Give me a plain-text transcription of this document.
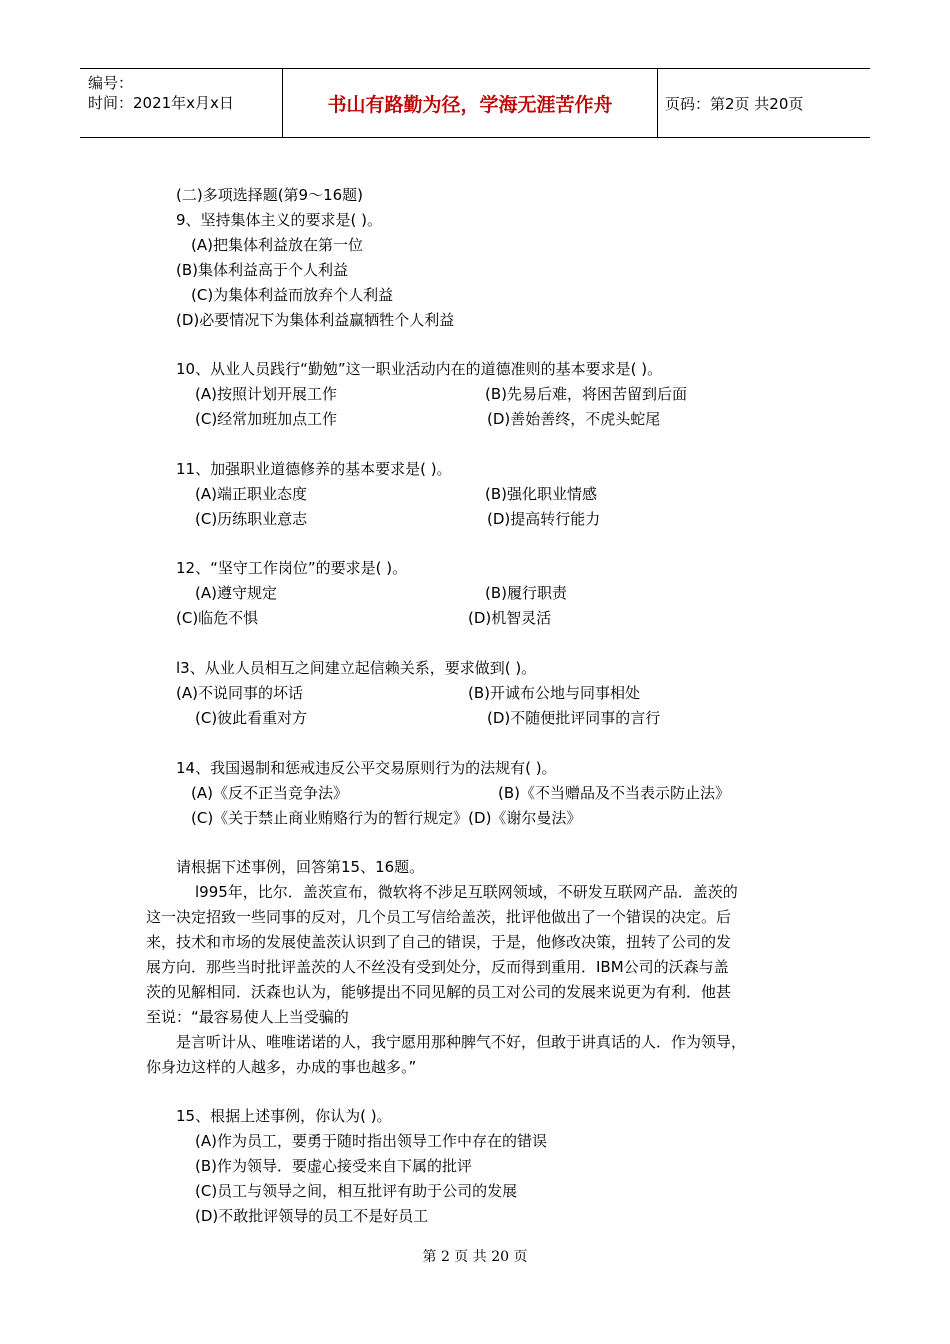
编号：
时间：2021年x月x日	书山有路勤为径，学海无涯苦作舟	页码：第2页 共20页
(二)多项选择题(第9～16题)
9、坚持集体主义的要求是( )。
(A)把集体利益放在第一位
(B)集体利益高于个人利益
(C)为集体利益而放弃个人利益
(D)必要情况下为集体利益赢牺牲个人利益
10、从业人员践行“勤勉”这一职业活动内在的道德准则的基本要求是( )。
(A)按照计划开展工作	(B)先易后难，将困苦留到后面
(C)经常加班加点工作	(D)善始善终，不虎头蛇尾
11、加强职业道德修养的基本要求是( )。
(A)端正职业态度	(B)强化职业情感
(C)历练职业意志	(D)提高转行能力
12、“坚守工作岗位”的要求是( )。
(A)遵守规定	(B)履行职责
(C)临危不惧	(D)机智灵活
l3、从业人员相互之间建立起信赖关系，要求做到( )。
(A)不说同事的坏话	(B)开诚布公地与同事相处
(C)彼此看重对方	(D)不随便批评同事的言行
14、我国遏制和惩戒违反公平交易原则行为的法规有( )。
(A)《反不正当竞争法》	(B)《不当赠品及不当表示防止法》
(C)《关于禁止商业贿赂行为的暂行规定》(D)《谢尔曼法》
请根据下述事例，回答第15、16题。
l995年，比尔．盖茨宣布，微软将不涉足互联网领域，不研发互联网产品．盖茨的
这一决定招致一些同事的反对，几个员工写信给盖茨，批评他做出了一个错误的决定。后
来，技术和市场的发展使盖茨认识到了自己的错误，于是，他修改决策，扭转了公司的发
展方向．那些当时批评盖茨的人不丝没有受到处分，反而得到重用．IBM公司的沃森与盖
茨的见解相同．沃森也认为，能够提出不同见解的员工对公司的发展来说更为有利．他甚
至说：“最容易使人上当受骗的
是言听计从、唯唯诺诺的人，我宁愿用那种脾气不好，但敢于讲真话的人．作为领导，
你身边这样的人越多，办成的事也越多。”
15、根据上述事例，你认为( )。
(A)作为员工，要勇于随时指出领导工作中存在的错误
(B)作为领导．要虚心接受来自下属的批评
(C)员工与领导之间，相互批评有助于公司的发展
(D)不敢批评领导的员工不是好员工
第 2 页 共 20 页
